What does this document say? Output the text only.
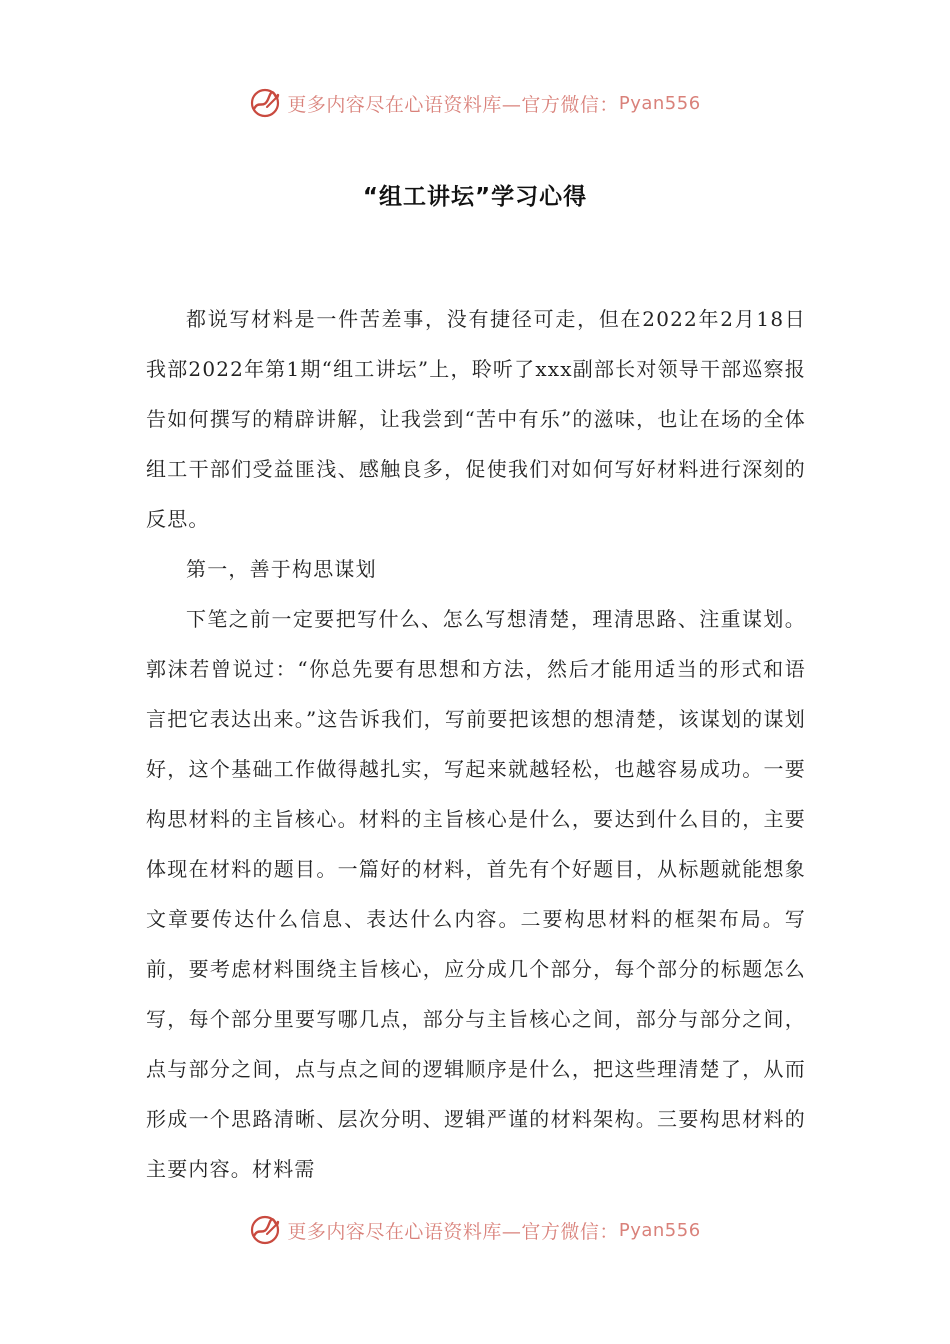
更多内容尽在心语资料库—官方微信： Pyan556
“组工讲坛”学习心得

都说写材料是一件苦差事，没有捷径可走，但在2022年2月18日我部2022年第1期“组工讲坛”上，聆听了xxx副部长对领导干部巡察报告如何撰写的精辟讲解，让我尝到“苦中有乐”的滋味，也让在场的全体组工干部们受益匪浅、感触良多，促使我们对如何写好材料进行深刻的反思。

第一，善于构思谋划

下笔之前一定要把写什么、怎么写想清楚，理清思路、注重谋划。郭沫若曾说过：“你总先要有思想和方法，然后才能用适当的形式和语言把它表达出来。”这告诉我们，写前要把该想的想清楚，该谋划的谋划好，这个基础工作做得越扎实，写起来就越轻松，也越容易成功。一要构思材料的主旨核心。材料的主旨核心是什么，要达到什么目的，主要体现在材料的题目。一篇好的材料，首先有个好题目，从标题就能想象文章要传达什么信息、表达什么内容。二要构思材料的框架布局。写前，要考虑材料围绕主旨核心，应分成几个部分，每个部分的标题怎么写，每个部分里要写哪几点，部分与主旨核心之间，部分与部分之间，点与部分之间，点与点之间的逻辑顺序是什么，把这些理清楚了，从而形成一个思路清晰、层次分明、逻辑严谨的材料架构。三要构思材料的主要内容。材料需

更多内容尽在心语资料库—官方微信： Pyan556
